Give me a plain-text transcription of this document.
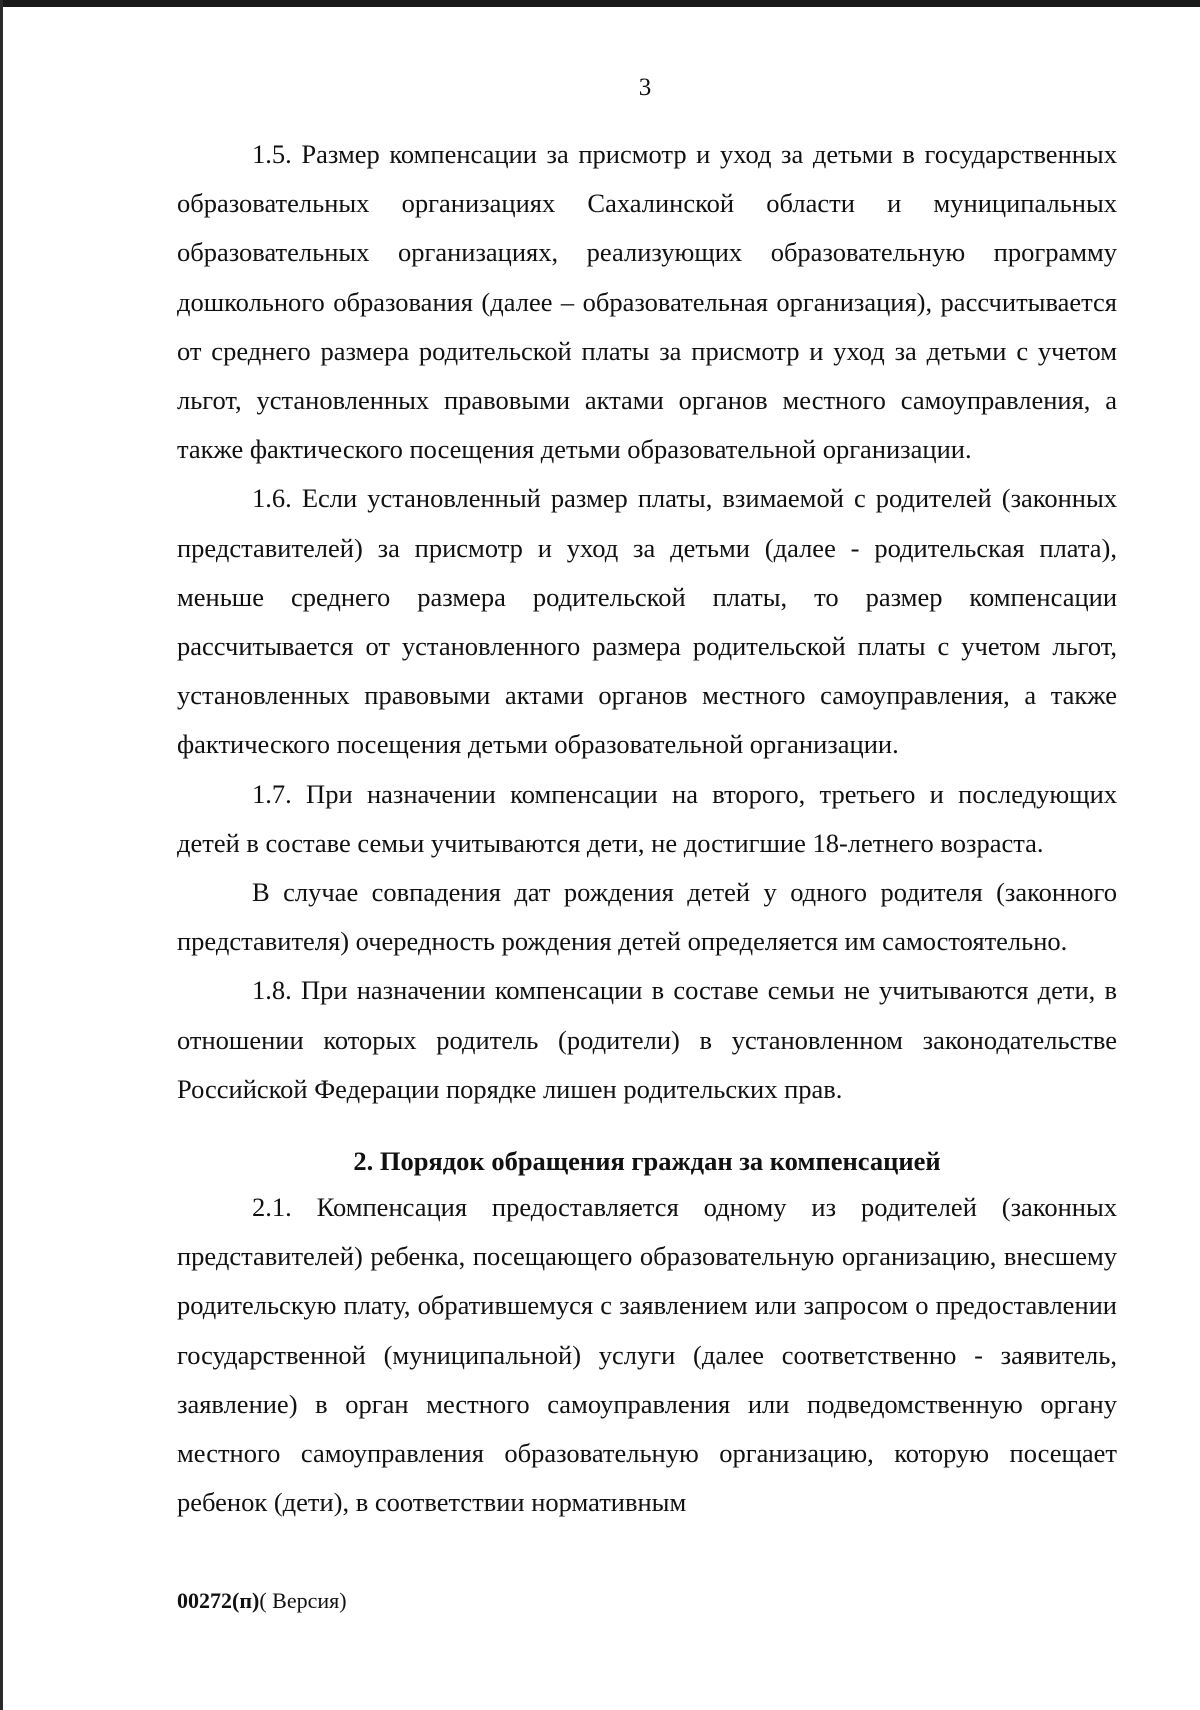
3

1.5. Размер компенсации за присмотр и уход за детьми в государственных образовательных организациях Сахалинской области и муниципальных образовательных организациях, реализующих образовательную программу дошкольного образования (далее – образовательная организация), рассчитывается от среднего размера родительской платы за присмотр и уход за детьми с учетом льгот, установленных правовыми актами органов местного самоуправления, а также фактического посещения детьми образовательной организации.

1.6. Если установленный размер платы, взимаемой с родителей (законных представителей) за присмотр и уход за детьми (далее - родительская плата), меньше среднего размера родительской платы, то размер компенсации рассчитывается от установленного размера родительской платы с учетом льгот, установленных правовыми актами органов местного самоуправления, а также фактического посещения детьми образовательной организации.

1.7. При назначении компенсации на второго, третьего и последующих детей в составе семьи учитываются дети, не достигшие 18-летнего возраста.

В случае совпадения дат рождения детей у одного родителя (законного представителя) очередность рождения детей определяется им самостоятельно.

1.8. При назначении компенсации в составе семьи не учитываются дети, в отношении которых родитель (родители) в установленном законодательстве Российской Федерации порядке лишен родительских прав.

2. Порядок обращения граждан за компенсацией

2.1. Компенсация предоставляется одному из родителей (законных представителей) ребенка, посещающего образовательную организацию, внесшему родительскую плату, обратившемуся с заявлением или запросом о предоставлении государственной (муниципальной) услуги (далее соответственно - заявитель, заявление) в орган местного самоуправления или подведомственную органу местного самоуправления образовательную организацию, которую посещает ребенок (дети), в соответствии нормативным

00272(п)( Версия)
